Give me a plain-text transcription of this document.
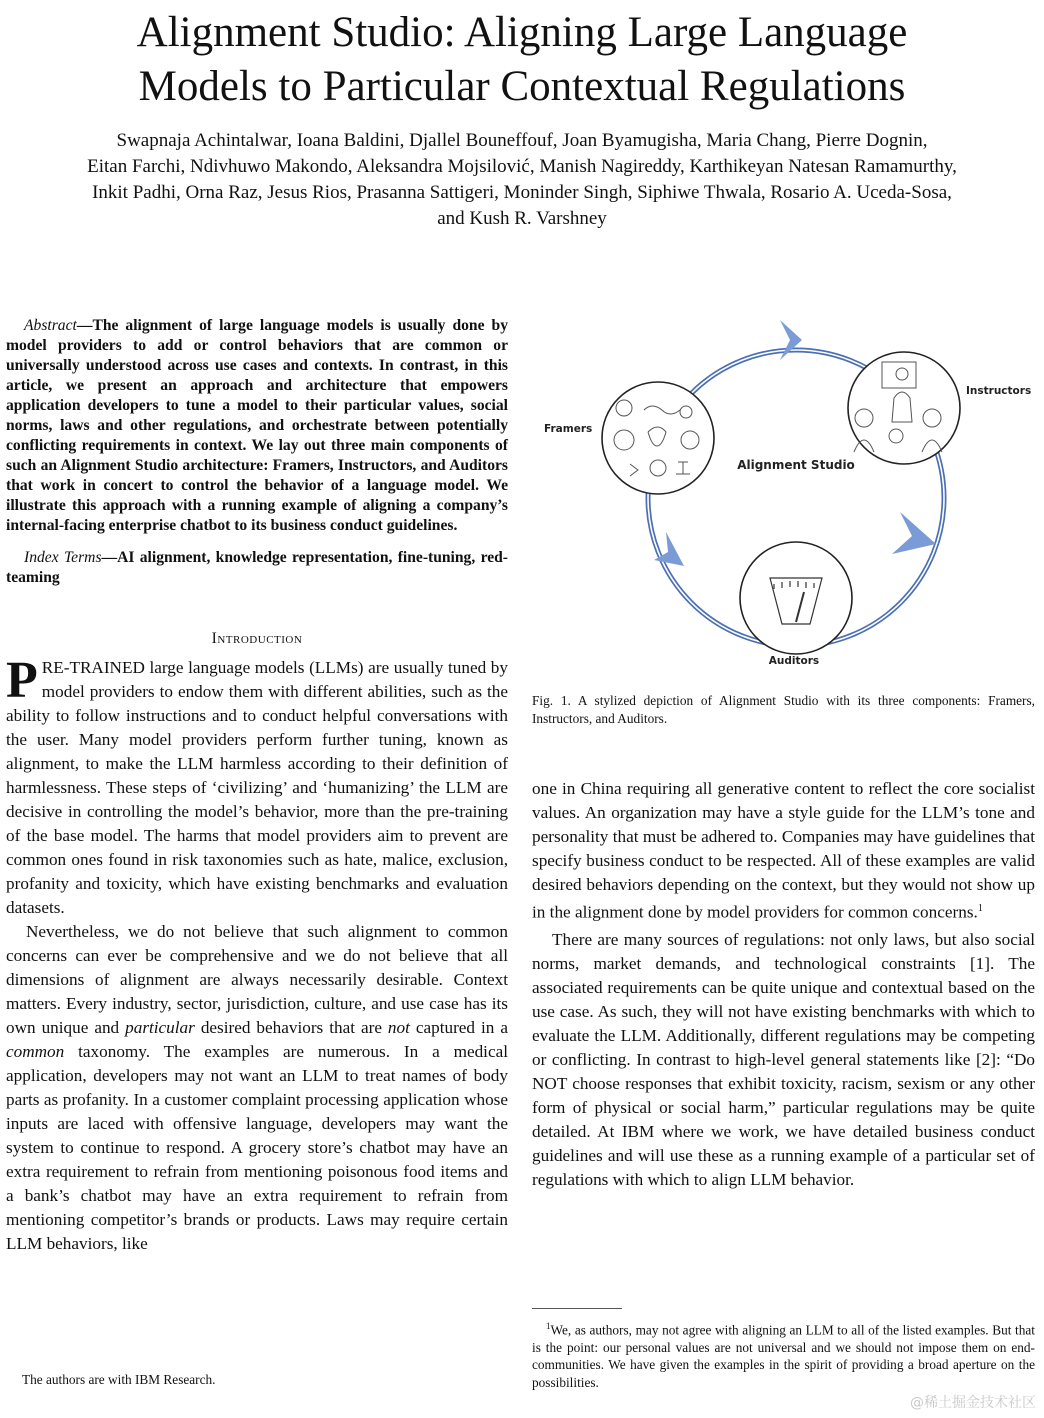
Alignment Studio: Aligning Large Language
Models to Particular Contextual Regulations
Swapnaja Achintalwar, Ioana Baldini, Djallel Bouneffouf, Joan Byamugisha, Maria Chang, Pierre Dognin,
Eitan Farchi, Ndivhuwo Makondo, Aleksandra Mojsilović, Manish Nagireddy, Karthikeyan Natesan Ramamurthy,
Inkit Padhi, Orna Raz, Jesus Rios, Prasanna Sattigeri, Moninder Singh, Siphiwe Thwala, Rosario A. Uceda-Sosa,
and Kush R. Varshney

Abstract—The alignment of large language models is usually done by model providers to add or control behaviors that are common or universally understood across use cases and contexts. In contrast, in this article, we present an approach and architecture that empowers application developers to tune a model to their particular values, social norms, laws and other regulations, and orchestrate between potentially conflicting requirements in context. We lay out three main components of such an Alignment Studio architecture: Framers, Instructors, and Auditors that work in concert to control the behavior of a language model. We illustrate this approach with a running example of aligning a company’s internal-facing enterprise chatbot to its business conduct guidelines.

Index Terms—AI alignment, knowledge representation, fine-tuning, red-teaming

Introduction

PRE-TRAINED large language models (LLMs) are usually tuned by model providers to endow them with different abilities, such as the ability to follow instructions and to conduct helpful conversations with the user. Many model providers perform further tuning, known as alignment, to make the LLM harmless according to their definition of harmlessness. These steps of ‘civilizing’ and ‘humanizing’ the LLM are decisive in controlling the model’s behavior, more than the pre-training of the base model. The harms that model providers aim to prevent are common ones found in risk taxonomies such as hate, malice, exclusion, profanity and toxicity, which have existing benchmarks and evaluation datasets.

Nevertheless, we do not believe that such alignment to common concerns can ever be comprehensive and we do not believe that all dimensions of alignment are always necessarily desirable. Context matters. Every industry, sector, jurisdiction, culture, and use case has its own unique and particular desired behaviors that are not captured in a common taxonomy. The examples are numerous. In a medical application, developers may not want an LLM to treat names of body parts as profanity. In a customer complaint processing application whose inputs are laced with offensive language, developers may want the system to continue to respond. A grocery store’s chatbot may have an extra requirement to refrain from mentioning poisonous food items and a bank’s chatbot may have an extra requirement to refrain from mentioning competitor’s brands or products. Laws may require certain LLM behaviors, like

The authors are with IBM Research.

Alignment Studio
Framers
Instructors
Auditors

Fig. 1. A stylized depiction of Alignment Studio with its three components: Framers, Instructors, and Auditors.

one in China requiring all generative content to reflect the core socialist values. An organization may have a style guide for the LLM’s tone and personality that must be adhered to. Companies may have guidelines that specify business conduct to be respected. All of these examples are valid desired behaviors depending on the context, but they would not show up in the alignment done by model providers for common concerns.$^1$

There are many sources of regulations: not only laws, but also social norms, market demands, and technological constraints [1]. The associated requirements can be quite unique and contextual based on the use case. As such, they will not have existing benchmarks with which to evaluate the LLM. Additionally, different regulations may be competing or conflicting. In contrast to high-level general statements like [2]: “Do NOT choose responses that exhibit toxicity, racism, sexism or any other form of physical or social harm,” particular regulations may be quite detailed. At IBM where we work, we have detailed business conduct guidelines and will use these as a running example of a particular set of regulations with which to align LLM behavior.

$^1$We, as authors, may not agree with aligning an LLM to all of the listed examples. But that is the point: our personal values are not universal and we should not impose them on end-communities. We have given the examples in the spirit of providing a broad aperture on the possibilities.

@稀土掘金技术社区
